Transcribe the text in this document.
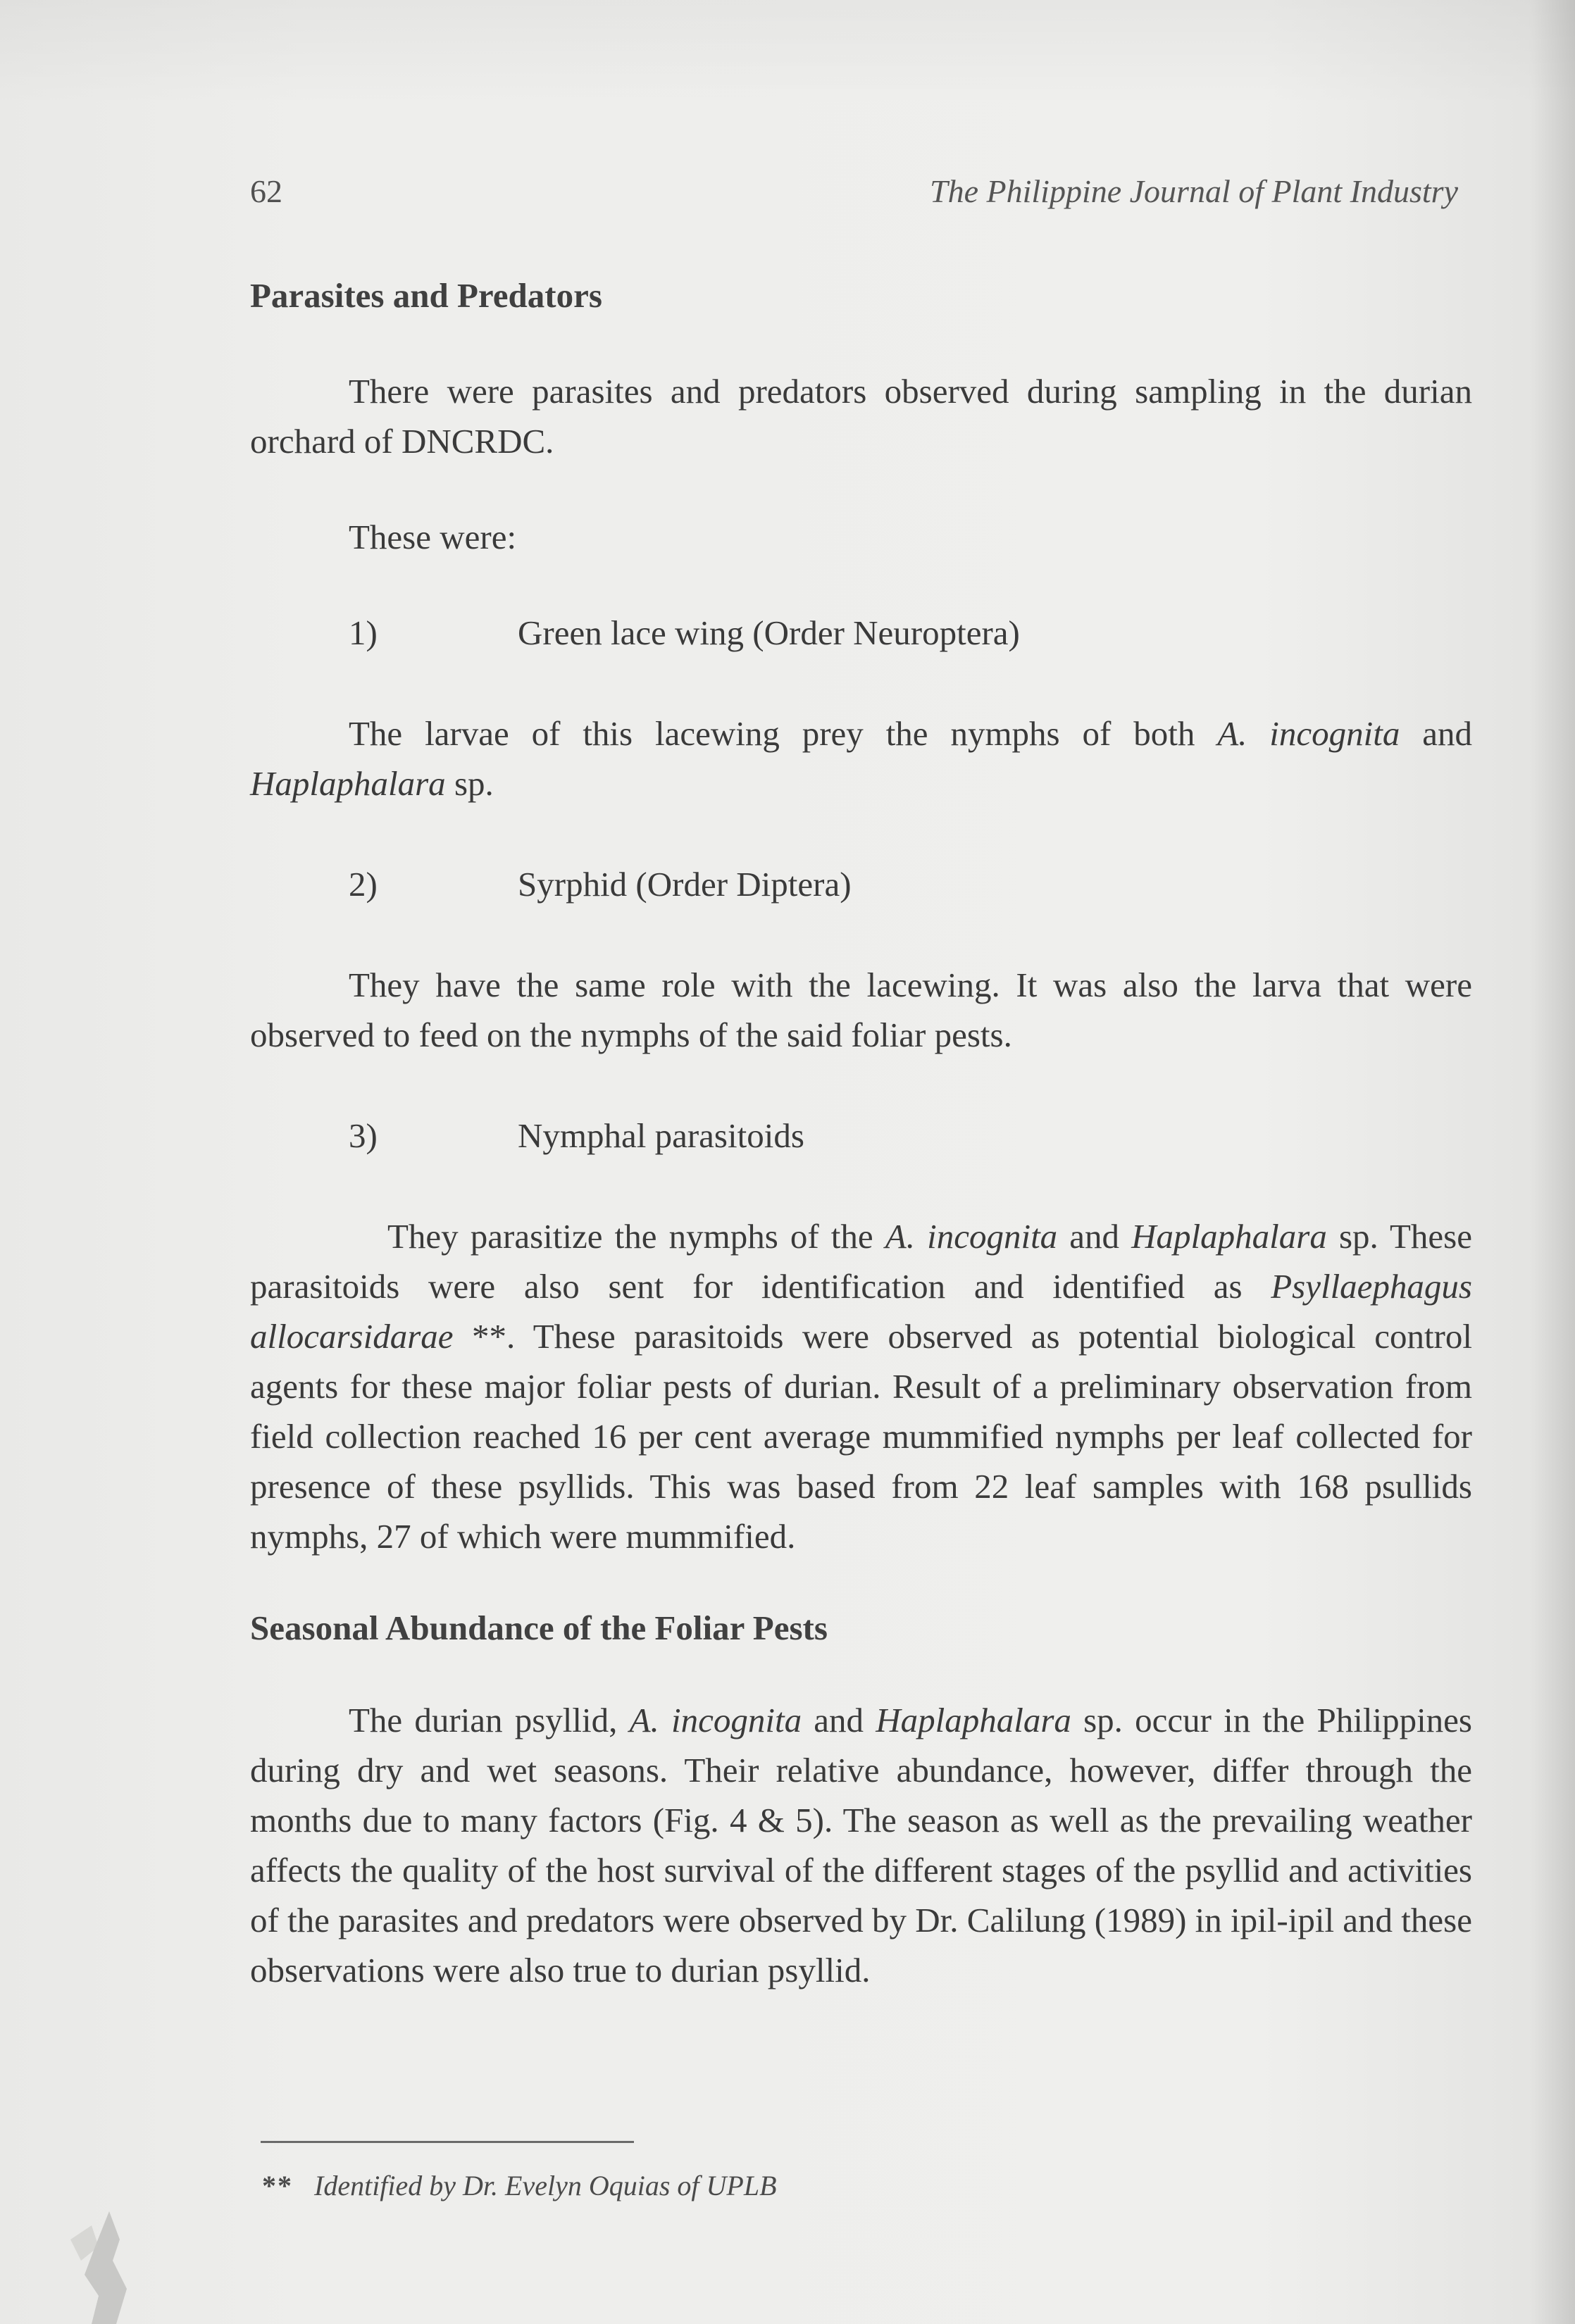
62	The Philippine Journal of Plant Industry

Parasites and Predators

There were parasites and predators observed during sampling in the durian orchard of DNCRDC.

These were:

1)	Green lace wing (Order Neuroptera)

The larvae of this lacewing prey the nymphs of both A. incognita and Haplaphalara sp.

2)	Syrphid (Order Diptera)

They have the same role with the lacewing. It was also the larva that were observed to feed on the nymphs of the said foliar pests.

3)	Nymphal parasitoids

They parasitize the nymphs of the A. incognita and Haplaphalara sp. These parasitoids were also sent for identification and identified as Psyllaephagus allocarsidarae **. These parasitoids were observed as potential biological control agents for these major foliar pests of durian. Result of a preliminary observation from field collection reached 16 per cent average mummified nymphs per leaf collected for presence of these psyllids. This was based from 22 leaf samples with 168 psullids nymphs, 27 of which were mummified.

Seasonal Abundance of the Foliar Pests

The durian psyllid, A. incognita and Haplaphalara sp. occur in the Philippines during dry and wet seasons. Their relative abundance, however, differ through the months due to many factors (Fig. 4 & 5). The season as well as the prevailing weather affects the quality of the host survival of the different stages of the psyllid and activities of the parasites and predators were observed by Dr. Calilung (1989) in ipil-ipil and these observations were also true to durian psyllid.

** Identified by Dr. Evelyn Oquias of UPLB
